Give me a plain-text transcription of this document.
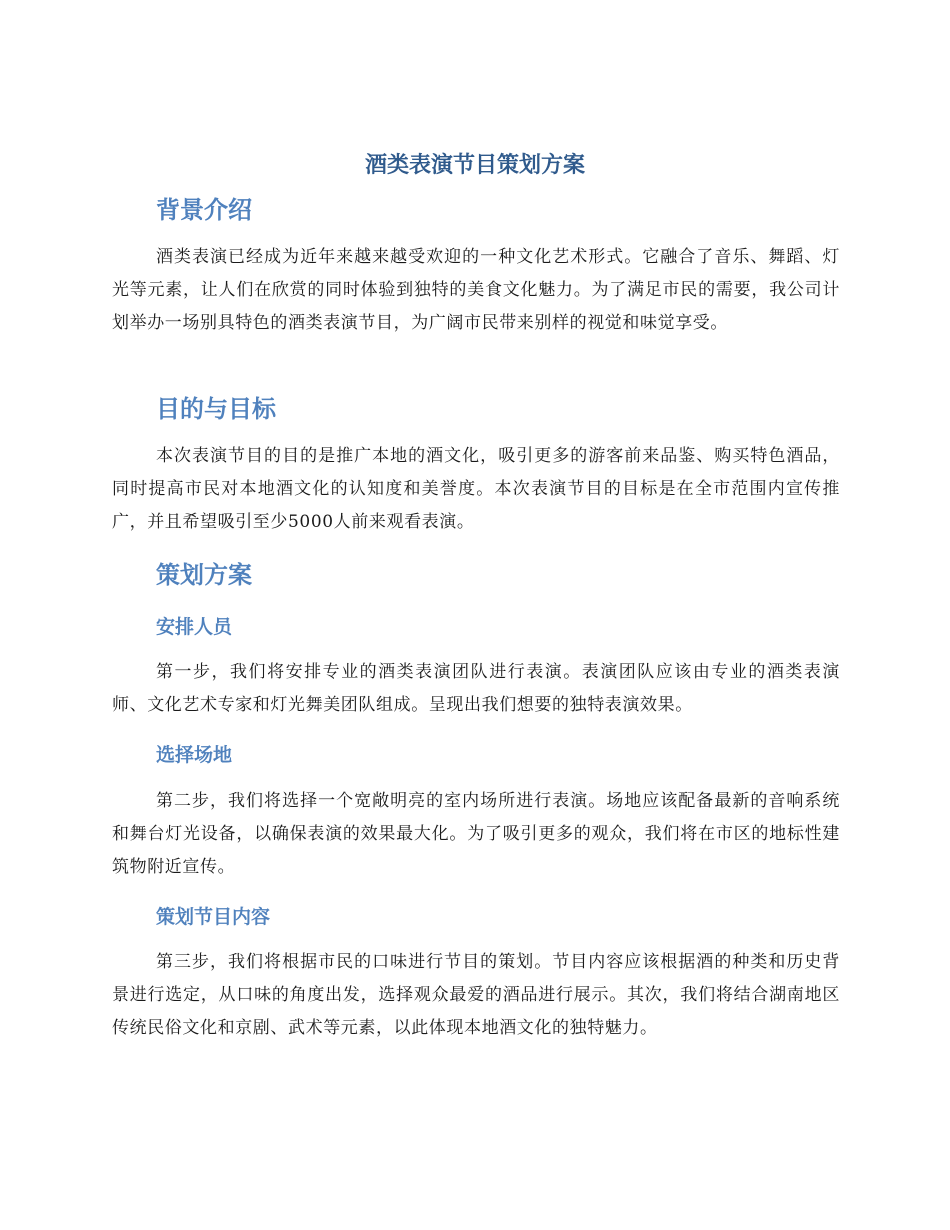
酒类表演节目策划方案
背景介绍

酒类表演已经成为近年来越来越受欢迎的一种文化艺术形式。它融合了音乐、舞蹈、灯光等元素，让人们在欣赏的同时体验到独特的美食文化魅力。为了满足市民的需要，我公司计划举办一场别具特色的酒类表演节目，为广阔市民带来别样的视觉和味觉享受。

目的与目标

本次表演节目的目的是推广本地的酒文化，吸引更多的游客前来品鉴、购买特色酒品，同时提高市民对本地酒文化的认知度和美誉度。本次表演节目的目标是在全市范围内宣传推广，并且希望吸引至少5000人前来观看表演。

策划方案
安排人员

第一步，我们将安排专业的酒类表演团队进行表演。表演团队应该由专业的酒类表演师、文化艺术专家和灯光舞美团队组成。呈现出我们想要的独特表演效果。

选择场地

第二步，我们将选择一个宽敞明亮的室内场所进行表演。场地应该配备最新的音响系统和舞台灯光设备，以确保表演的效果最大化。为了吸引更多的观众，我们将在市区的地标性建筑物附近宣传。

策划节目内容

第三步，我们将根据市民的口味进行节目的策划。节目内容应该根据酒的种类和历史背景进行选定，从口味的角度出发，选择观众最爱的酒品进行展示。其次，我们将结合湖南地区传统民俗文化和京剧、武术等元素，以此体现本地酒文化的独特魅力。
